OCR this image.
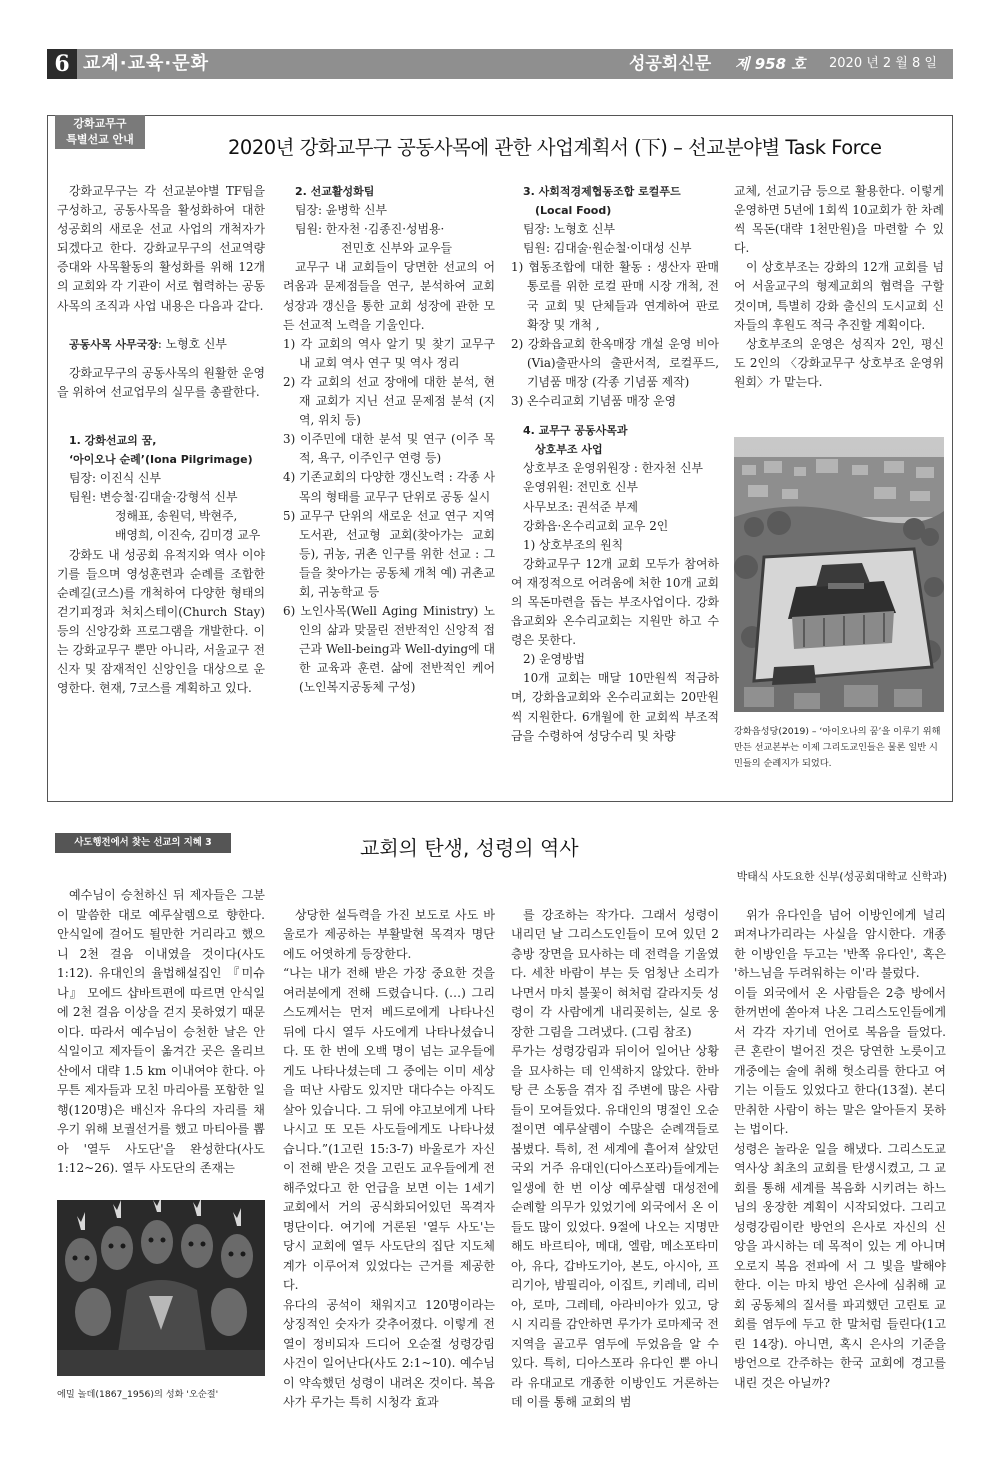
6 교계·교육·문화	성공회신문 제 958 호 2020 년 2 월 8 일 토요일
강화교무구
특별선교 안내	2020년 강화교무구 공동사목에 관한 사업계획서 (下) – 선교분야별 Task Force

강화교무구는 각 선교분야별 TF팀을 구성하고, 공동사목을 활성화하여 대한성공회의 새로운 선교 사업의 개척자가 되겠다고 한다. 강화교무구의 선교역량 증대와 사목활동의 활성화를 위해 12개의 교회와 각 기관이 서로 협력하는 공동사목의 조직과 사업 내용은 다음과 같다.

공동사목 사무국장: 노형호 신부

강화교무구의 공동사목의 원활한 운영을 위하여 선교업무의 실무를 총괄한다.

1. 강화선교의 꿈,

‘아이오나 순례’(Iona Pilgrimage)

팀장: 이진식 신부

팀원: 변승철·김대술·강형석 신부

정해표, 송원덕, 박현주,

배영희, 이진숙, 김미경 교우

강화도 내 성공회 유적지와 역사 이야기를 들으며 영성훈련과 순례를 조합한 순례길(코스)를 개척하여 다양한 형태의 걷기피정과 처치스테이(Church Stay) 등의 신앙강화 프로그램을 개발한다. 이는 강화교무구 뿐만 아니라, 서울교구 전신자 및 잠재적인 신앙인을 대상으로 운영한다. 현재, 7코스를 계획하고 있다.

2. 선교활성화팀

팀장: 윤병학 신부

팀원: 한자천 ·김종진·성범용·

전민호 신부와 교우들

교무구 내 교회들이 당면한 선교의 어려움과 문제점들을 연구, 분석하여 교회성장과 갱신을 통한 교회 성장에 관한 모든 선교적 노력을 기울인다.

1) 각 교회의 역사 알기 및 찾기 교무구 내 교회 역사 연구 및 역사 정리

2) 각 교회의 선교 장애에 대한 분석, 현재 교회가 지닌 선교 문제점 분석 (지역, 위치 등)

3) 이주민에 대한 분석 및 연구 (이주 목적, 욕구, 이주인구 연령 등)

4) 기존교회의 다양한 갱신노력 : 각종 사목의 형태를 교무구 단위로 공동 실시

5) 교무구 단위의 새로운 선교 연구 지역 도서관, 선교형 교회(찾아가는 교회 등), 귀농, 귀촌 인구를 위한 선교 : 그들을 찾아가는 공동체 개척 예) 귀촌교회, 귀농학교 등

6) 노인사목(Well Aging Ministry) 노인의 삶과 맞물린 전반적인 신앙적 접근과 Well-being과 Well-dying에 대한 교육과 훈련. 삶에 전반적인 케어(노인복지공동체 구성)

3. 사회적경제협동조합 로컬푸드

(Local Food)

팀장: 노형호 신부

팀원: 김대술·원순철·이대성 신부

1) 협동조합에 대한 활동 : 생산자 판매 통로를 위한 로컬 판매 시장 개척, 전국 교회 및 단체들과 연계하여 판로 확장 및 개척 ,

2) 강화읍교회 한옥매장 개설 운영 비아(Via)출판사의 출판서적, 로컬푸드, 기념품 매장 (각종 기념품 제작)

3) 온수리교회 기념품 매장 운영

4. 교무구 공동사목과

상호부조 사업

상호부조 운영위원장 : 한자천 신부

운영위원: 전민호 신부

사무보조: 권석준 부제

강화읍·온수리교회 교우 2인

1) 상호부조의 원칙

강화교무구 12개 교회 모두가 참여하여 재정적으로 어려움에 처한 10개 교회의 목돈마련을 돕는 부조사업이다. 강화읍교회와 온수리교회는 지원만 하고 수령은 못한다.

2) 운영방법

10개 교회는 매달 10만원씩 적금하며, 강화읍교회와 온수리교회는 20만원씩 지원한다. 6개월에 한 교회씩 부조적금을 수령하여 성당수리 및 차량

교체, 선교기금 등으로 활용한다. 이렇게 운영하면 5년에 1회씩 10교회가 한 차례씩 목돈(대략 1천만원)을 마련할 수 있다.

이 상호부조는 강화의 12개 교회를 넘어 서울교구의 형제교회의 협력을 구할 것이며, 특별히 강화 출신의 도시교회 신자들의 후원도 적극 추진할 계획이다.

상호부조의 운영은 성직자 2인, 평신도 2인의 〈강화교무구 상호부조 운영위원회〉가 맡는다.

강화읍성당(2019) – ‘아이오나의 꿈’을 이루기 위해 만든 선교본부는 이제 그리도교인들은 물론 일반 시민들의 순례지가 되었다.
사도행전에서 찾는 선교의 지혜 3	교회의 탄생, 성령의 역사
박태식 사도요한 신부(성공회대학교 신학과)

예수님이 승천하신 뒤 제자들은 그분이 말씀한 대로 예루살렘으로 향한다. 안식일에 걸어도 될만한 거리라고 했으니 2천 걸음 이내였을 것이다(사도 1:12). 유대인의 율법해설집인 『미슈나』 모에드 샵바트편에 따르면 안식일에 2천 걸음 이상을 걷지 못하였기 때문이다. 따라서 예수님이 승천한 날은 안식일이고 제자들이 옮겨간 곳은 올리브 산에서 대략 1.5 km 이내여야 한다. 아무튼 제자들과 모친 마리아를 포함한 일행(120명)은 배신자 유다의 자리를 채우기 위해 보궐선거를 했고 마티아를 뽑아 '열두 사도단'을 완성한다(사도 1:12~26). 열두 사도단의 존재는

상당한 설득력을 가진 보도로 사도 바울로가 제공하는 부활발현 목격자 명단에도 어엿하게 등장한다.
“나는 내가 전해 받은 가장 중요한 것을 여러분에게 전해 드렸습니다. (…) 그리스도께서는 먼저 베드로에게 나타나신 뒤에 다시 열두 사도에게 나타나셨습니다. 또 한 번에 오백 명이 넘는 교우들에게도 나타나셨는데 그 중에는 이미 세상을 떠난 사람도 있지만 대다수는 아직도 살아 있습니다. 그 뒤에 야고보에게 나타나시고 또 모든 사도들에게도 나타나셨습니다.”(1고린 15:3-7) 바울로가 자신이 전해 받은 것을 고린도 교우들에게 전해주었다고 한 언급을 보면 이는 1세기 교회에서 거의 공식화되어있던 목격자 명단이다. 여기에 거론된 '열두 사도'는 당시 교회에 열두 사도단의 집단 지도체계가 이루어져 있었다는 근거를 제공한다.
유다의 공석이 채워지고 120명이라는 상징적인 숫자가 갖추어졌다. 이렇게 전열이 정비되자 드디어 오순절 성령강림 사건이 일어난다(사도 2:1~10). 예수님이 약속했던 성령이 내려온 것이다. 복음사가 루가는 특히 시청각 효과

를 강조하는 작가다. 그래서 성령이 내리던 날 그리스도인들이 모여 있던 2층방 장면을 묘사하는 데 전력을 기울였다. 세찬 바람이 부는 듯 엄청난 소리가 나면서 마치 불꽃이 혀처럼 갈라지듯 성령이 각 사람에게 내리꽂히는, 실로 웅장한 그림을 그려냈다. (그림 참조)
루가는 성령강림과 뒤이어 일어난 상황을 묘사하는 데 인색하지 않았다. 한바탕 큰 소동을 겪자 집 주변에 많은 사람들이 모여들었다. 유대인의 명절인 오순절이면 예루살렘이 수많은 순례객들로 붐볐다. 특히, 전 세계에 흩어져 살았던 국외 거주 유대인(디아스포라)들에게는 일생에 한 번 이상 예루살렘 대성전에 순례할 의무가 있었기에 외국에서 온 이들도 많이 있었다. 9절에 나오는 지명만 해도 바르티아, 메대, 엘람, 메소포타미아, 유다, 갑바도기아, 본도, 아시아, 프리기아, 밤필리아, 이집트, 키레네, 리비아, 로마, 그레테, 아라비아가 있고, 당시 지리를 감안하면 루가가 로마제국 전 지역을 골고루 염두에 두었음을 알 수 있다. 특히, 디아스포라 유다인 뿐 아니라 유대교로 개종한 이방인도 거론하는데 이를 통해 교회의 범

위가 유다인을 넘어 이방인에게 널리 퍼져나가리라는 사실을 암시한다. 개종한 이방인을 두고는 '반쪽 유다인', 혹은 '하느님을 두려워하는 이'라 불렀다.
이들 외국에서 온 사람들은 2층 방에서 한꺼번에 쏟아져 나온 그리스도인들에게서 각각 자기네 언어로 복음을 들었다. 큰 혼란이 벌어진 것은 당연한 노릇이고 개중에는 술에 취해 헛소리를 한다고 여기는 이들도 있었다고 한다(13절). 본디 만취한 사람이 하는 말은 알아듣지 못하는 법이다.
성령은 놀라운 일을 해냈다. 그리스도교 역사상 최초의 교회를 탄생시켰고, 그 교회를 통해 세계를 복음화 시키려는 하느님의 웅장한 계획이 시작되었다. 그리고 성령강림이란 방언의 은사로 자신의 신앙을 과시하는 데 목적이 있는 게 아니며 오로지 복음 전파에 서 그 빛을 발해야 한다. 이는 마치 방언 은사에 심취해 교회 공동체의 질서를 파괴했던 고린토 교회를 염두에 두고 한 말처럼 들린다(1고린 14장). 아니면, 혹시 은사의 기준을 방언으로 간주하는 한국 교회에 경고를 내린 것은 아닐까?

에밀 놀데(1867_1956)의 성화 '오순절'
